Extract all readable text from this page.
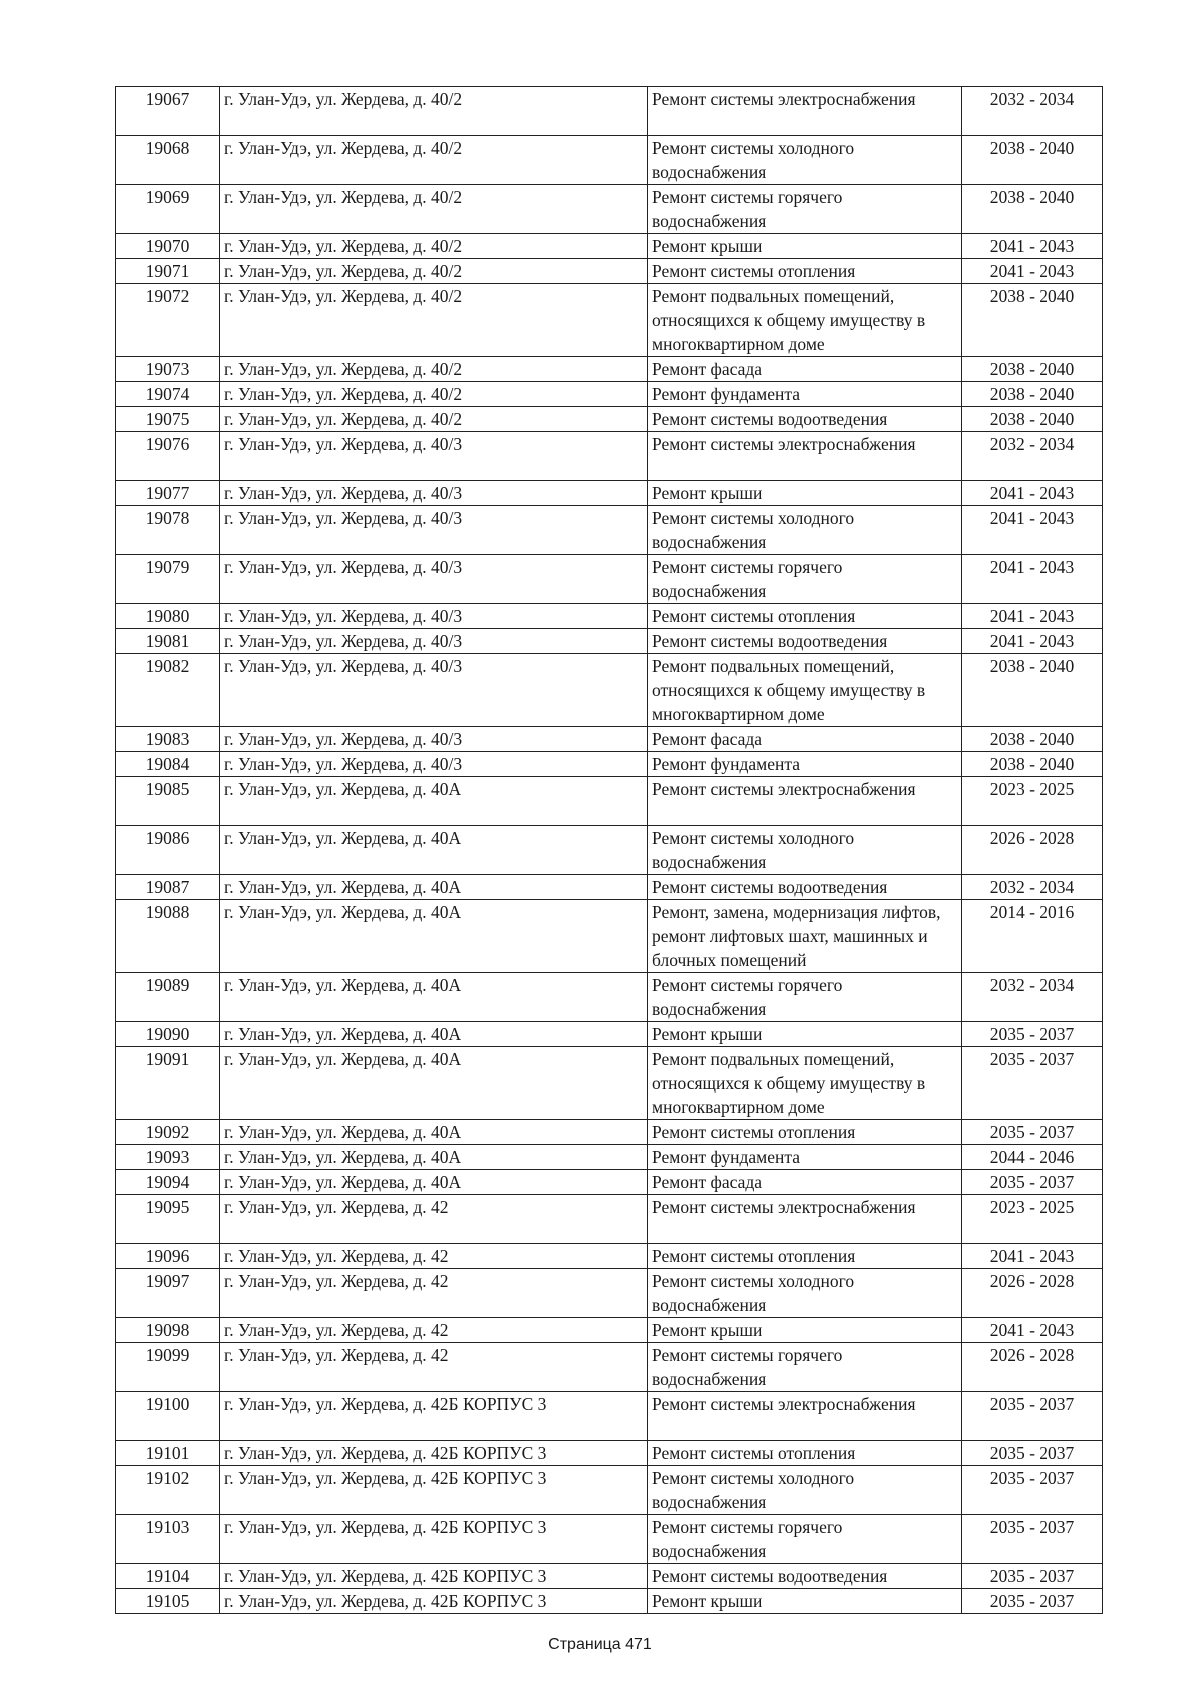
19067	г. Улан-Удэ, ул. Жердева, д. 40/2	Ремонт системы электроснабжения	2032 - 2034
19068	г. Улан-Удэ, ул. Жердева, д. 40/2	Ремонт системы холодного водоснабжения	2038 - 2040
19069	г. Улан-Удэ, ул. Жердева, д. 40/2	Ремонт системы горячего водоснабжения	2038 - 2040
19070	г. Улан-Удэ, ул. Жердева, д. 40/2	Ремонт крыши	2041 - 2043
19071	г. Улан-Удэ, ул. Жердева, д. 40/2	Ремонт системы отопления	2041 - 2043
19072	г. Улан-Удэ, ул. Жердева, д. 40/2	Ремонт подвальных помещений, относящихся к общему имуществу в многоквартирном доме	2038 - 2040
19073	г. Улан-Удэ, ул. Жердева, д. 40/2	Ремонт фасада	2038 - 2040
19074	г. Улан-Удэ, ул. Жердева, д. 40/2	Ремонт фундамента	2038 - 2040
19075	г. Улан-Удэ, ул. Жердева, д. 40/2	Ремонт системы водоотведения	2038 - 2040
19076	г. Улан-Удэ, ул. Жердева, д. 40/3	Ремонт системы электроснабжения	2032 - 2034
19077	г. Улан-Удэ, ул. Жердева, д. 40/3	Ремонт крыши	2041 - 2043
19078	г. Улан-Удэ, ул. Жердева, д. 40/3	Ремонт системы холодного водоснабжения	2041 - 2043
19079	г. Улан-Удэ, ул. Жердева, д. 40/3	Ремонт системы горячего водоснабжения	2041 - 2043
19080	г. Улан-Удэ, ул. Жердева, д. 40/3	Ремонт системы отопления	2041 - 2043
19081	г. Улан-Удэ, ул. Жердева, д. 40/3	Ремонт системы водоотведения	2041 - 2043
19082	г. Улан-Удэ, ул. Жердева, д. 40/3	Ремонт подвальных помещений, относящихся к общему имуществу в многоквартирном доме	2038 - 2040
19083	г. Улан-Удэ, ул. Жердева, д. 40/3	Ремонт фасада	2038 - 2040
19084	г. Улан-Удэ, ул. Жердева, д. 40/3	Ремонт фундамента	2038 - 2040
19085	г. Улан-Удэ, ул. Жердева, д. 40А	Ремонт системы электроснабжения	2023 - 2025
19086	г. Улан-Удэ, ул. Жердева, д. 40А	Ремонт системы холодного водоснабжения	2026 - 2028
19087	г. Улан-Удэ, ул. Жердева, д. 40А	Ремонт системы водоотведения	2032 - 2034
19088	г. Улан-Удэ, ул. Жердева, д. 40А	Ремонт, замена, модернизация лифтов, ремонт лифтовых шахт, машинных и блочных помещений	2014 - 2016
19089	г. Улан-Удэ, ул. Жердева, д. 40А	Ремонт системы горячего водоснабжения	2032 - 2034
19090	г. Улан-Удэ, ул. Жердева, д. 40А	Ремонт крыши	2035 - 2037
19091	г. Улан-Удэ, ул. Жердева, д. 40А	Ремонт подвальных помещений, относящихся к общему имуществу в многоквартирном доме	2035 - 2037
19092	г. Улан-Удэ, ул. Жердева, д. 40А	Ремонт системы отопления	2035 - 2037
19093	г. Улан-Удэ, ул. Жердева, д. 40А	Ремонт фундамента	2044 - 2046
19094	г. Улан-Удэ, ул. Жердева, д. 40А	Ремонт фасада	2035 - 2037
19095	г. Улан-Удэ, ул. Жердева, д. 42	Ремонт системы электроснабжения	2023 - 2025
19096	г. Улан-Удэ, ул. Жердева, д. 42	Ремонт системы отопления	2041 - 2043
19097	г. Улан-Удэ, ул. Жердева, д. 42	Ремонт системы холодного водоснабжения	2026 - 2028
19098	г. Улан-Удэ, ул. Жердева, д. 42	Ремонт крыши	2041 - 2043
19099	г. Улан-Удэ, ул. Жердева, д. 42	Ремонт системы горячего водоснабжения	2026 - 2028
19100	г. Улан-Удэ, ул. Жердева, д. 42Б КОРПУС 3	Ремонт системы электроснабжения	2035 - 2037
19101	г. Улан-Удэ, ул. Жердева, д. 42Б КОРПУС 3	Ремонт системы отопления	2035 - 2037
19102	г. Улан-Удэ, ул. Жердева, д. 42Б КОРПУС 3	Ремонт системы холодного водоснабжения	2035 - 2037
19103	г. Улан-Удэ, ул. Жердева, д. 42Б КОРПУС 3	Ремонт системы горячего водоснабжения	2035 - 2037
19104	г. Улан-Удэ, ул. Жердева, д. 42Б КОРПУС 3	Ремонт системы водоотведения	2035 - 2037
19105	г. Улан-Удэ, ул. Жердева, д. 42Б КОРПУС 3	Ремонт крыши	2035 - 2037
Страница 471
